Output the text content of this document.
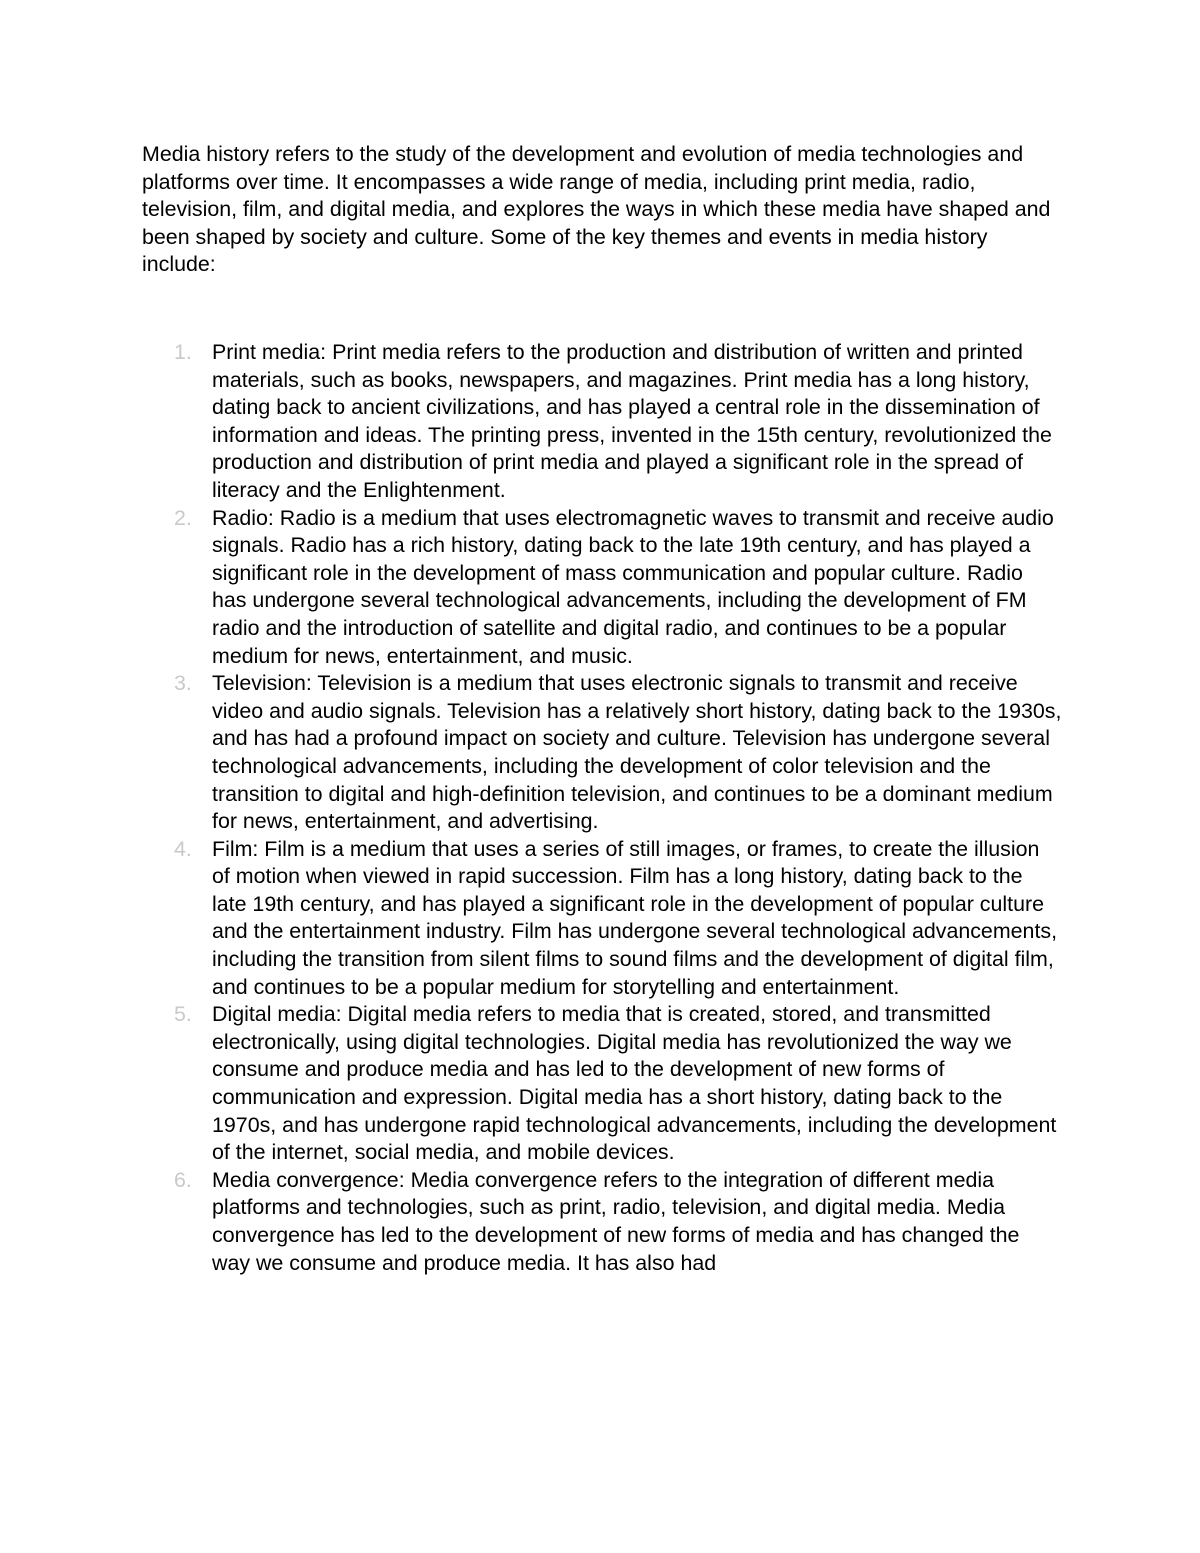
Media history refers to the study of the development and evolution of media technologies and platforms over time. It encompasses a wide range of media, including print media, radio, television, film, and digital media, and explores the ways in which these media have shaped and been shaped by society and culture. Some of the key themes and events in media history include:

1. Print media: Print media refers to the production and distribution of written and printed materials, such as books, newspapers, and magazines. Print media has a long history, dating back to ancient civilizations, and has played a central role in the dissemination of information and ideas. The printing press, invented in the 15th century, revolutionized the production and distribution of print media and played a significant role in the spread of literacy and the Enlightenment.
2. Radio: Radio is a medium that uses electromagnetic waves to transmit and receive audio signals. Radio has a rich history, dating back to the late 19th century, and has played a significant role in the development of mass communication and popular culture. Radio has undergone several technological advancements, including the development of FM radio and the introduction of satellite and digital radio, and continues to be a popular medium for news, entertainment, and music.
3. Television: Television is a medium that uses electronic signals to transmit and receive video and audio signals. Television has a relatively short history, dating back to the 1930s, and has had a profound impact on society and culture. Television has undergone several technological advancements, including the development of color television and the transition to digital and high-definition television, and continues to be a dominant medium for news, entertainment, and advertising.
4. Film: Film is a medium that uses a series of still images, or frames, to create the illusion of motion when viewed in rapid succession. Film has a long history, dating back to the late 19th century, and has played a significant role in the development of popular culture and the entertainment industry. Film has undergone several technological advancements, including the transition from silent films to sound films and the development of digital film, and continues to be a popular medium for storytelling and entertainment.
5. Digital media: Digital media refers to media that is created, stored, and transmitted electronically, using digital technologies. Digital media has revolutionized the way we consume and produce media and has led to the development of new forms of communication and expression. Digital media has a short history, dating back to the 1970s, and has undergone rapid technological advancements, including the development of the internet, social media, and mobile devices.
6. Media convergence: Media convergence refers to the integration of different media platforms and technologies, such as print, radio, television, and digital media. Media convergence has led to the development of new forms of media and has changed the way we consume and produce media. It has also had
